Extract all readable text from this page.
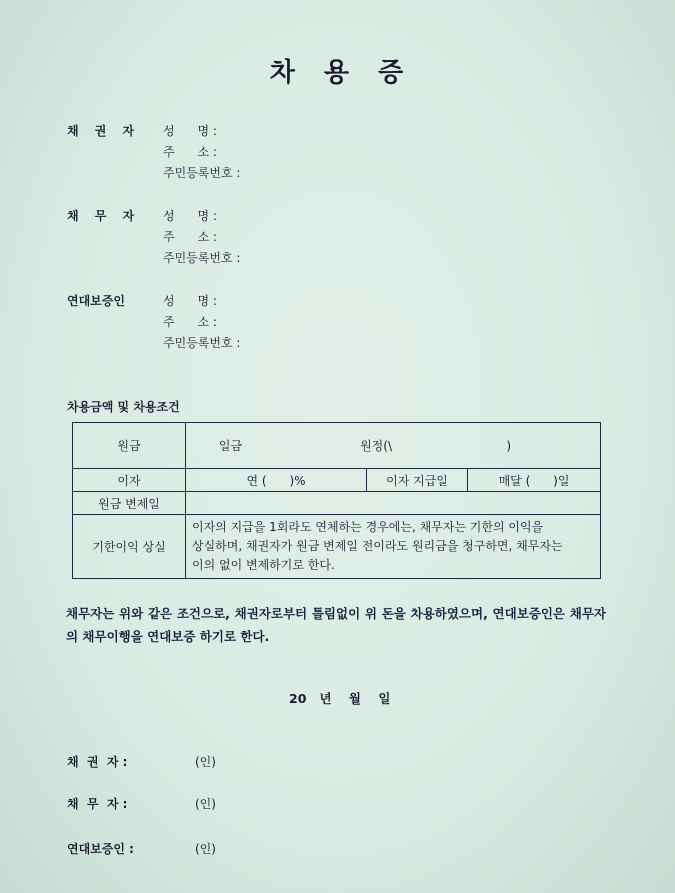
차 용 증
채 권 자 성      명 :
주      소 :
주민등록번호 :
채 무 자 성      명 :
주      소 :
주민등록번호 :
연대보증인	성      명 :
주      소 :
주민등록번호 :
차용금액 및 차용조건
원금	일금 원정(\                              )		

이자	연 (      )%	이자 지급일	매달 (      )일
원금 변제일			
기한이익 상실	이자의 지급을 1회라도 연체하는 경우에는, 채무자는 기한의 이익을
상실하며, 채권자가 원금 변제일 전이라도 원리금을 청구하면, 채무자는
이의 없이 변제하기로 한다.		
채무자는 위와 같은 조건으로, 채권자로부터 틀림없이 위 돈을 차용하였으며, 연대보증인은 채무자의 채무이행을 연대보증 하기로 한다.
20   년    월    일
채  권  자 :	(인)
채  무  자 :	(인)
연대보증인 :	(인)
